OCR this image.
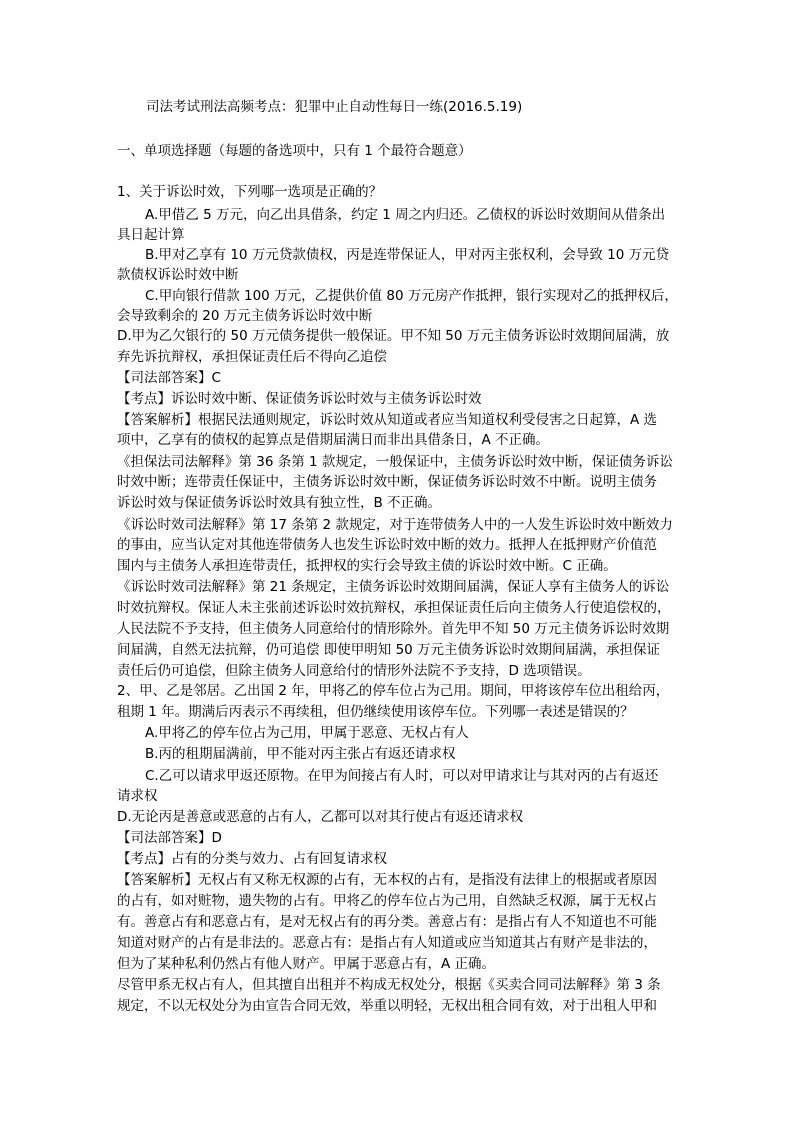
司法考试刑法高频考点：犯罪中止自动性每日一练(2016.5.19)
一、单项选择题（每题的备选项中，只有 1 个最符合题意）
1、关于诉讼时效，下列哪一选项是正确的？
A.甲借乙 5 万元，向乙出具借条，约定 1 周之内归还。乙债权的诉讼时效期间从借条出
具日起计算
B.甲对乙享有 10 万元贷款债权，丙是连带保证人，甲对丙主张权利，会导致 10 万元贷
款债权诉讼时效中断
C.甲向银行借款 100 万元，乙提供价值 80 万元房产作抵押，银行实现对乙的抵押权后，
会导致剩余的 20 万元主债务诉讼时效中断
D.甲为乙欠银行的 50 万元债务提供一般保证。甲不知 50 万元主债务诉讼时效期间届满，放
弃先诉抗辩权，承担保证责任后不得向乙追偿
【司法部答案】C
【考点】诉讼时效中断、保证债务诉讼时效与主债务诉讼时效
【答案解析】根据民法通则规定，诉讼时效从知道或者应当知道权利受侵害之日起算，A 选
项中，乙享有的债权的起算点是借期届满日而非出具借条日，A 不正确。
《担保法司法解释》第 36 条第 1 款规定，一般保证中，主债务诉讼时效中断，保证债务诉讼
时效中断；连带责任保证中，主债务诉讼时效中断，保证债务诉讼时效不中断。说明主债务
诉讼时效与保证债务诉讼时效具有独立性，B 不正确。
《诉讼时效司法解释》第 17 条第 2 款规定，对于连带债务人中的一人发生诉讼时效中断效力
的事由，应当认定对其他连带债务人也发生诉讼时效中断的效力。抵押人在抵押财产价值范
围内与主债务人承担连带责任，抵押权的实行会导致主债的诉讼时效中断。C 正确。
《诉讼时效司法解释》第 21 条规定，主债务诉讼时效期间届满，保证人享有主债务人的诉讼
时效抗辩权。保证人未主张前述诉讼时效抗辩权，承担保证责任后向主债务人行使追偿权的，
人民法院不予支持，但主债务人同意给付的情形除外。首先甲不知 50 万元主债务诉讼时效期
间届满，自然无法抗辩，仍可追偿 即使甲明知 50 万元主债务诉讼时效期间届满，承担保证
责任后仍可追偿，但除主债务人同意给付的情形外法院不予支持，D 选项错误。
2、甲、乙是邻居。乙出国 2 年，甲将乙的停车位占为己用。期间，甲将该停车位出租给丙，
租期 1 年。期满后丙表示不再续租，但仍继续使用该停车位。下列哪一表述是错误的？
A.甲将乙的停车位占为己用，甲属于恶意、无权占有人
B.丙的租期届满前，甲不能对丙主张占有返还请求权
C.乙可以请求甲返还原物。在甲为间接占有人时，可以对甲请求让与其对丙的占有返还
请求权
D.无论丙是善意或恶意的占有人，乙都可以对其行使占有返还请求权
【司法部答案】D
【考点】占有的分类与效力、占有回复请求权
【答案解析】无权占有又称无权源的占有，无本权的占有，是指没有法律上的根据或者原因
的占有，如对赃物，遗失物的占有。甲将乙的停车位占为己用，自然缺乏权源，属于无权占
有。善意占有和恶意占有，是对无权占有的再分类。善意占有：是指占有人不知道也不可能
知道对财产的占有是非法的。恶意占有：是指占有人知道或应当知道其占有财产是非法的，
但为了某种私利仍然占有他人财产。甲属于恶意占有，A 正确。
尽管甲系无权占有人，但其擅自出租并不构成无权处分，根据《买卖合同司法解释》第 3 条
规定，不以无权处分为由宣告合同无效，举重以明轻，无权出租合同有效，对于出租人甲和
